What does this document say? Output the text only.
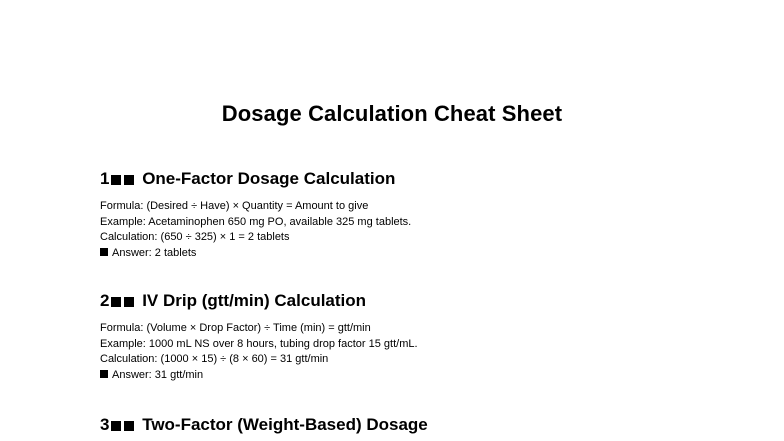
Dosage Calculation Cheat Sheet
1 One-Factor Dosage Calculation
Formula: (Desired ÷ Have) × Quantity = Amount to give
Example: Acetaminophen 650 mg PO, available 325 mg tablets.
Calculation: (650 ÷ 325) × 1 = 2 tablets
Answer: 2 tablets
2 IV Drip (gtt/min) Calculation
Formula: (Volume × Drop Factor) ÷ Time (min) = gtt/min
Example: 1000 mL NS over 8 hours, tubing drop factor 15 gtt/mL.
Calculation: (1000 × 15) ÷ (8 × 60) = 31 gtt/min
Answer: 31 gtt/min
3 Two-Factor (Weight-Based) Dosage
